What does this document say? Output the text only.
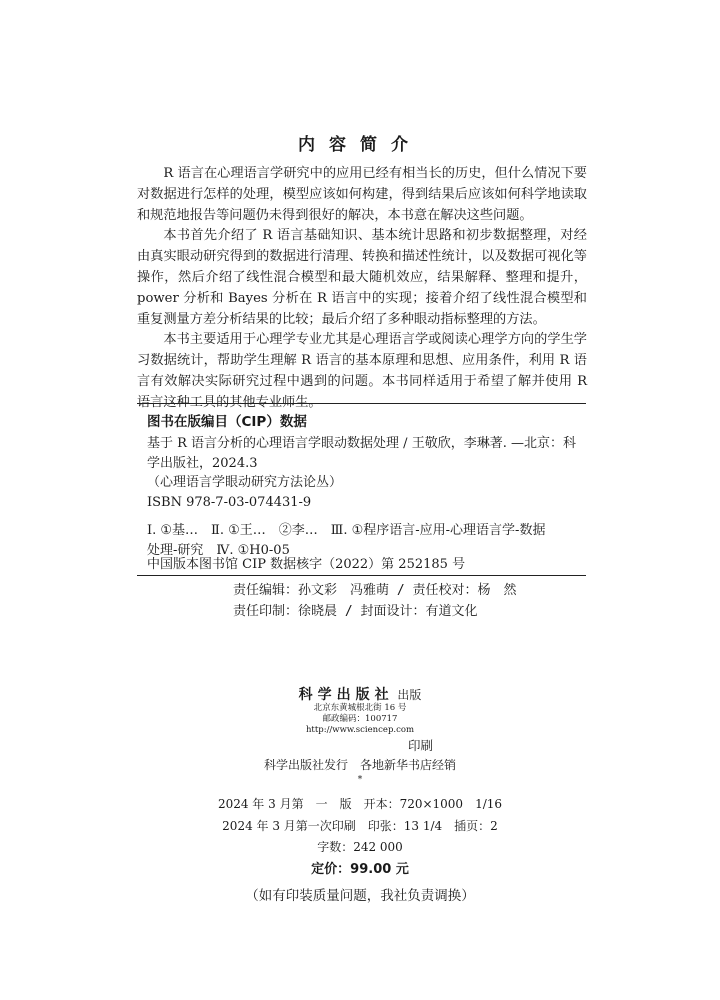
内容简介

R 语言在心理语言学研究中的应用已经有相当长的历史，但什么情况下要对数据进行怎样的处理，模型应该如何构建，得到结果后应该如何科学地读取和规范地报告等问题仍未得到很好的解决，本书意在解决这些问题。

本书首先介绍了 R 语言基础知识、基本统计思路和初步数据整理，对经由真实眼动研究得到的数据进行清理、转换和描述性统计，以及数据可视化等操作，然后介绍了线性混合模型和最大随机效应，结果解释、整理和提升，power 分析和 Bayes 分析在 R 语言中的实现；接着介绍了线性混合模型和重复测量方差分析结果的比较；最后介绍了多种眼动指标整理的方法。

本书主要适用于心理学专业尤其是心理语言学或阅读心理学方向的学生学习数据统计，帮助学生理解 R 语言的基本原理和思想、应用条件，利用 R 语言有效解决实际研究过程中遇到的问题。本书同样适用于希望了解并使用 R 语言这种工具的其他专业师生。

图书在版编目（CIP）数据
基于 R 语言分析的心理语言学眼动数据处理 / 王敬欣，李琳著. —北京：科
学出版社，2024.3
（心理语言学眼动研究方法论丛）
ISBN 978-7-03-074431-9
Ⅰ. ①基…　Ⅱ. ①王…　②李…　Ⅲ. ①程序语言-应用-心理语言学-数据
处理-研究　Ⅳ. ①H0-05
中国版本图书馆 CIP 数据核字（2022）第 252185 号
责任编辑：孙文彩　冯雅萌 / 责任校对：杨　然
责任印制：徐晓晨 / 封面设计：有道文化
科学出版社 出版
北京东黄城根北街 16 号
邮政编码：100717
http://www.sciencep.com
印刷
科学出版社发行　各地新华书店经销
*
2024 年 3 月第　一　版　开本：720×1000　1/16
2024 年 3 月第一次印刷　印张：13 1/4　插页：2
字数：242 000
定价：99.00 元
（如有印装质量问题，我社负责调换）
